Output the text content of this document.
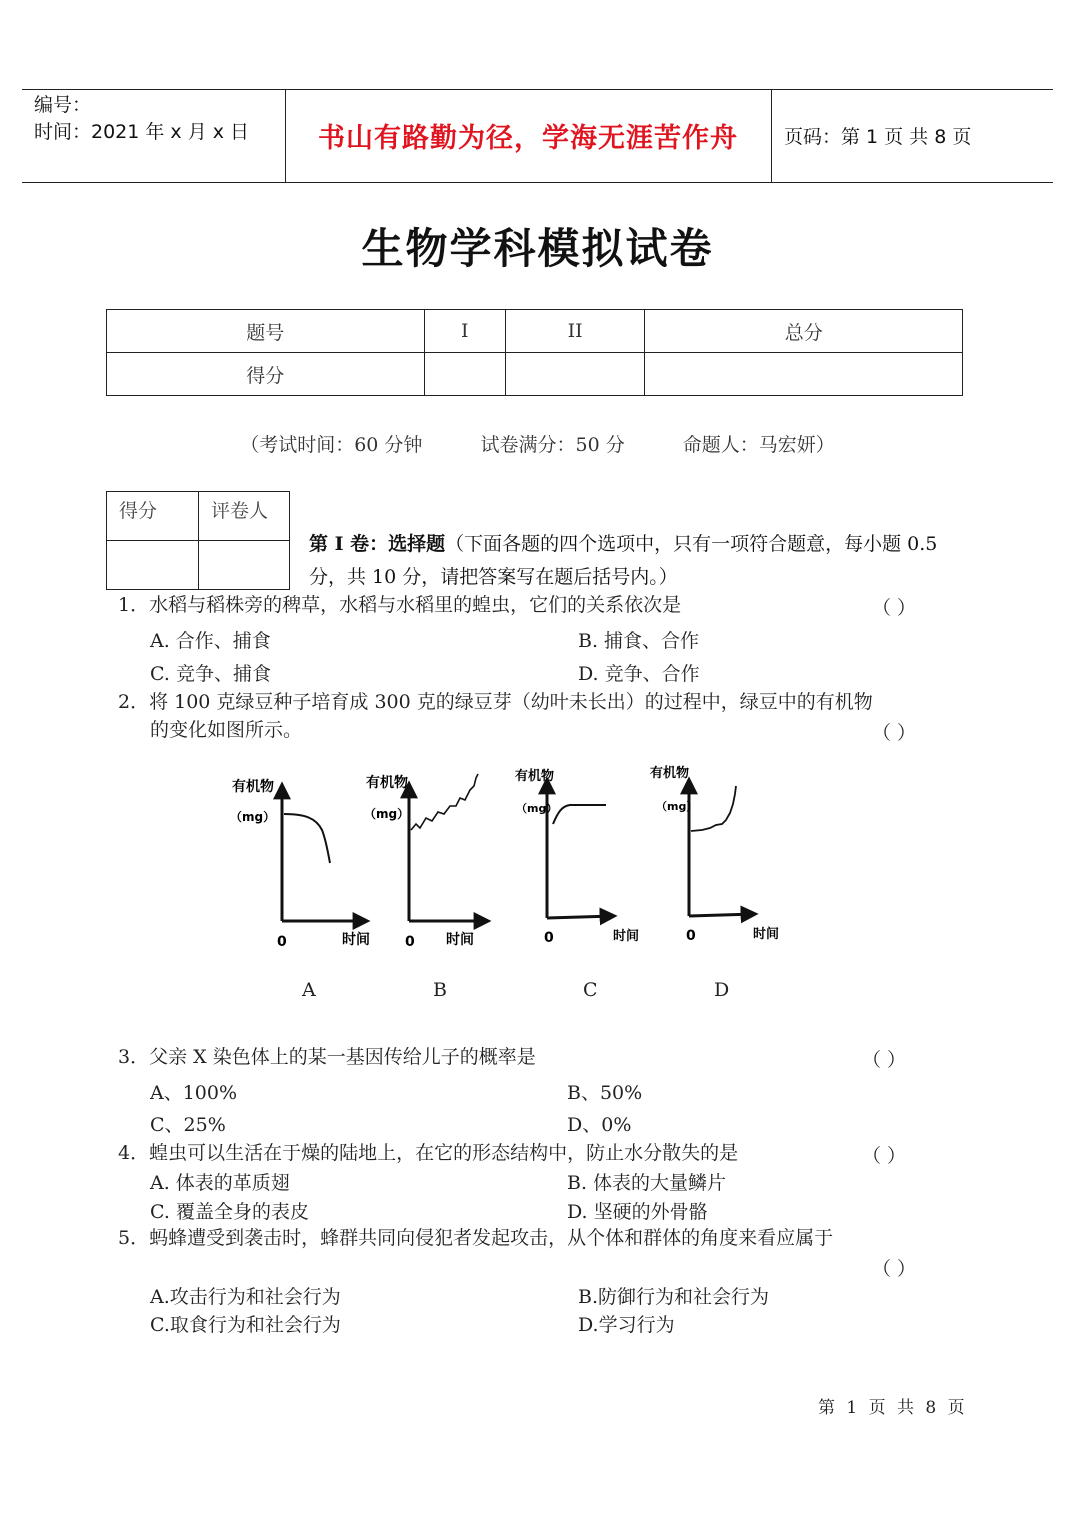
编号：
时间：2021 年 x 月 x 日	书山有路勤为径，学海无涯苦作舟	页码：第 1 页 共 8 页
生物学科模拟试卷
题号	I	II	总分
得分			
（考试时间：60 分钟	试卷满分：50 分	命题人：马宏妍）
得分	评卷人

第 I 卷：选择题（下面各题的四个选项中，只有一项符合题意，每小题 0.5 分，共 10 分，请把答案写在题后括号内。）
1．水稻与稻株旁的稗草，水稻与水稻里的蝗虫，它们的关系依次是	（ ）
A. 合作、捕食	B. 捕食、合作
C. 竞争、捕食	D. 竞争、合作
2．将 100 克绿豆种子培育成 300 克的绿豆芽（幼叶未长出）的过程中，绿豆中的有机物
的变化如图所示。	（ ）
有机物
（mg）
0	时间
有机物
（mg）
0 时间
有机物
（mg）
0	时间
有机物
（mg）
0	时间
A	B	C	D
3．父亲 X 染色体上的某一基因传给儿子的概率是	（ ）
A、100%	B、50%
C、25%	D、0%
4．蝗虫可以生活在于燥的陆地上，在它的形态结构中，防止水分散失的是	（ ）
A. 体表的革质翅	B. 体表的大量鳞片
C. 覆盖全身的表皮	D. 坚硬的外骨骼
5．蚂蜂遭受到袭击时，蜂群共同向侵犯者发起攻击，从个体和群体的角度来看应属于
（ ）
A.攻击行为和社会行为	B.防御行为和社会行为
C.取食行为和社会行为	D.学习行为
第 1 页 共 8 页
